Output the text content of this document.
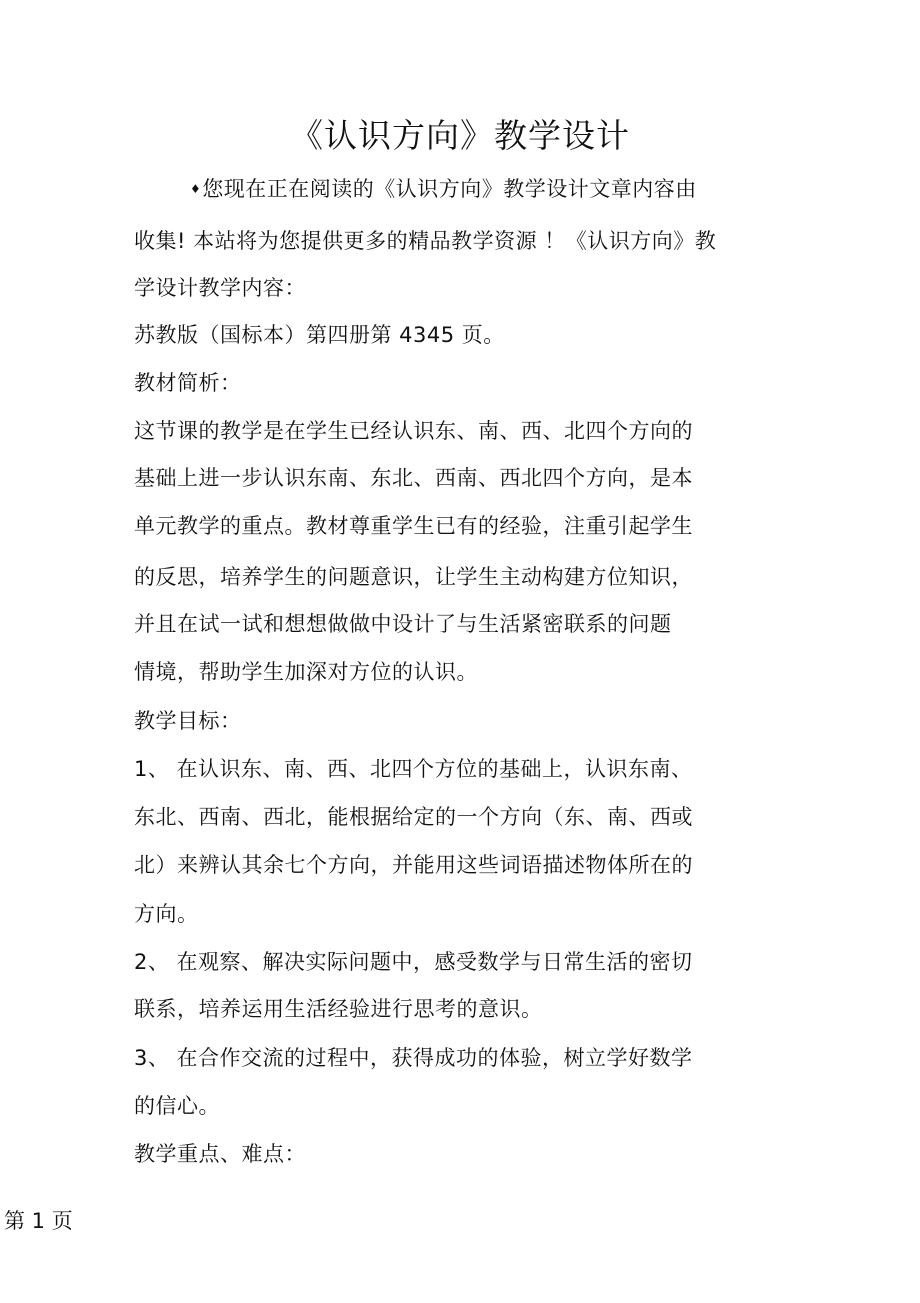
《认识方向》教学设计

♦您现在正在阅读的《认识方向》教学设计文章内容由

收集! 本站将为您提供更多的精品教学资源 ！《认识方向》教

学设计教学内容：

苏教版（国标本）第四册第 4345 页。

教材简析：

这节课的教学是在学生已经认识东、南、西、北四个方向的

基础上进一步认识东南、东北、西南、西北四个方向，是本

单元教学的重点。教材尊重学生已有的经验，注重引起学生

的反思，培养学生的问题意识，让学生主动构建方位知识，

并且在试一试和想想做做中设计了与生活紧密联系的问题

情境，帮助学生加深对方位的认识。

教学目标：

1、 在认识东、南、西、北四个方位的基础上，认识东南、

东北、西南、西北，能根据给定的一个方向（东、南、西或

北）来辨认其余七个方向，并能用这些词语描述物体所在的

方向。

2、 在观察、解决实际问题中，感受数学与日常生活的密切

联系，培养运用生活经验进行思考的意识。

3、 在合作交流的过程中，获得成功的体验，树立学好数学

的信心。

教学重点、难点：

第 1 页
